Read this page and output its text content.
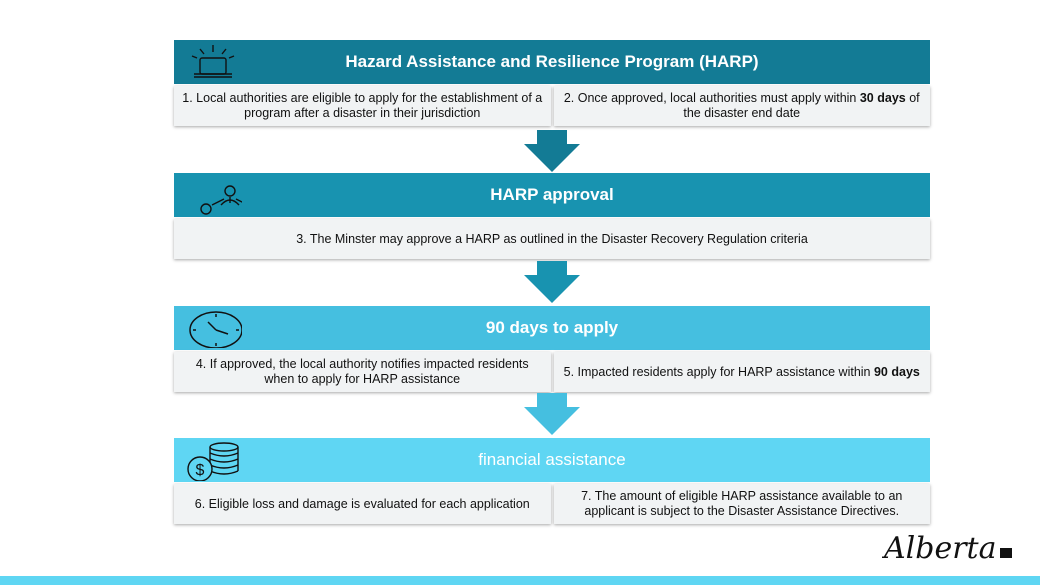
Hazard Assistance and Resilience Program (HARP)
1. Local authorities are eligible to apply for the establishment of a program after a disaster in their jurisdiction
2. Once approved, local authorities must apply within 30 days of the disaster end date
HARP approval
3. The Minster may approve a HARP as outlined in the Disaster Recovery Regulation criteria
90 days to apply
4. If approved, the local authority notifies impacted residents when to apply for HARP assistance
5. Impacted residents apply for HARP assistance within 90 days
$
financial assistance
6. Eligible loss and damage is evaluated for each application
7. The amount of eligible HARP assistance available to an applicant is subject to the Disaster Assistance Directives.
Alberta
